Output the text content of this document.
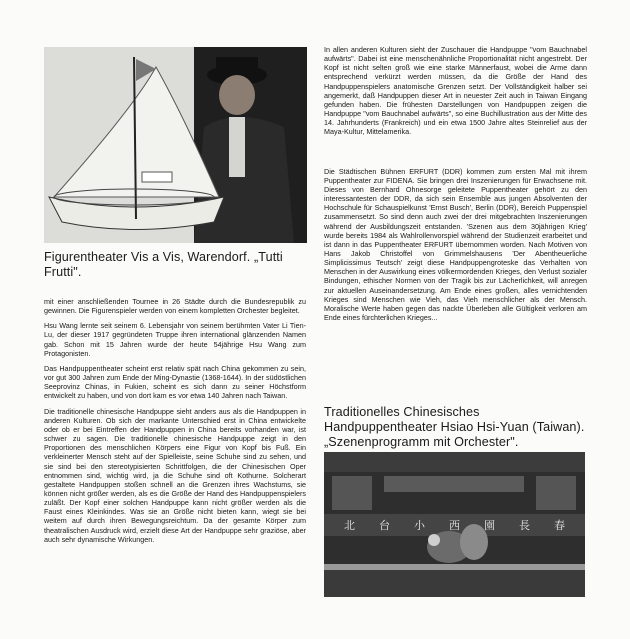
Figurentheater Vis a Vis, Warendorf. „Tutti Frutti".

mit einer anschließenden Tournee in 26 Städte durch die Bundesrepublik zu gewinnen. Die Figurenspieler werden von einem kompletten Orchester begleitet.

Hsu Wang lernte seit seinem 6. Lebensjahr von seinem berühmten Vater Li Tien-Lu, der dieser 1917 gegründeten Truppe ihren international glänzenden Namen gab. Schon mit 15 Jahren wurde der heute 54jährige Hsu Wang zum Protagonisten.

Das Handpuppentheater scheint erst relativ spät nach China gekommen zu sein, vor gut 300 Jahren zum Ende der Ming-Dynastie (1368-1644). In der südöstlichen Seeprovinz Chinas, in Fukien, scheint es sich dann zu seiner Höchstform entwickelt zu haben, und von dort kam es vor etwa 140 Jahren nach Taiwan.

Die traditionelle chinesische Handpuppe sieht anders aus als die Handpuppen in anderen Kulturen. Ob sich der markante Unterschied erst in China entwickelte oder ob er bei Eintreffen der Handpuppen in China bereits vorhanden war, ist schwer zu sagen. Die traditionelle chinesische Handpuppe zeigt in den Proportionen des menschlichen Körpers eine Figur von Kopf bis Fuß. Ein verkleinerter Mensch steht auf der Spielleiste, seine Schuhe sind zu sehen, und sie sind bei den stereotypisierten Schrittfolgen, die der Chinesischen Oper entnommen sind, wichtig wird, ja die Schuhe sind oft Kothurne. Solcherart gestaltete Handpuppen stoßen schnell an die Grenzen ihres Wachstums, sie können nicht größer werden, als es die Größe der Hand des Handpuppenspielers zuläßt. Der Kopf einer solchen Handpuppe kann nicht größer werden als die Faust eines Kleinkindes. Was sie an Größe nicht bieten kann, wiegt sie bei weitem auf durch ihren Bewegungsreichtum. Da der gesamte Körper zum theatralischen Ausdruck wird, erzielt diese Art der Handpuppe sehr graziöse, aber auch sehr dynamische Wirkungen.

In allen anderen Kulturen sieht der Zuschauer die Handpuppe "vom Bauchnabel aufwärts". Dabei ist eine menschenähnliche Proportionalität nicht angestrebt. Der Kopf ist nicht selten groß wie eine starke Männerfaust, wobei die Arme dann entsprechend verkürzt werden müssen, da die Größe der Hand des Handpuppenspielers anatomische Grenzen setzt. Der Vollständigkeit halber sei angemerkt, daß Handpuppen dieser Art in neuester Zeit auch in Taiwan Eingang gefunden haben. Die frühesten Darstellungen von Handpuppen zeigen die Handpuppe "vom Bauchnabel aufwärts", so eine Buchillustration aus der Mitte des 14. Jahrhunderts (Frankreich) und ein etwa 1500 Jahre altes Steinrelief aus der Maya-Kultur, Mittelamerika.

Die Städtischen Bühnen ERFURT (DDR) kommen zum ersten Mal mit ihrem Puppentheater zur FIDENA. Sie bringen drei Inszenierungen für Erwachsene mit. Dieses von Bernhard Ohnesorge geleitete Puppentheater gehört zu den interessantesten der DDR, da sich sein Ensemble aus jungen Absolventen der Hochschule für Schauspielkunst 'Ernst Busch', Berlin (DDR), Bereich Puppenspiel zusammensetzt. So sind denn auch zwei der drei mitgebrachten Inszenierungen während der Ausbildungszeit entstanden. 'Szenen aus dem 30jährigen Krieg' wurde bereits 1984 als Wahlrollenvorspiel während der Studienzeit erarbeitet und ist dann in das Puppentheater ERFURT übernommen worden. Nach Motiven von Hans Jakob Christoffel von Grimmelshausens 'Der Abentheuerliche Simplicissimus Teutsch' zeigt diese Handpuppengroteske das Verhalten von Menschen in der Auswirkung eines völkermordenden Krieges, den Verlust sozialer Bindungen, ethischer Normen von der Tragik bis zur Lächerlichkeit, will anregen zur aktuellen Auseinandersetzung. Am Ende eines großen, alles vernichtenden Krieges sind Menschen wie Vieh, das Vieh menschlicher als der Mensch. Moralische Werte haben gegen das nackte Überleben alle Gültigkeit verloren am Ende eines fürchterlichen Krieges...

Traditionelles Chinesisches Handpuppentheater Hsiao Hsi-Yuan (Taiwan). „Szenenprogramm mit Orchester".

北 台 小 西 園 長 春
